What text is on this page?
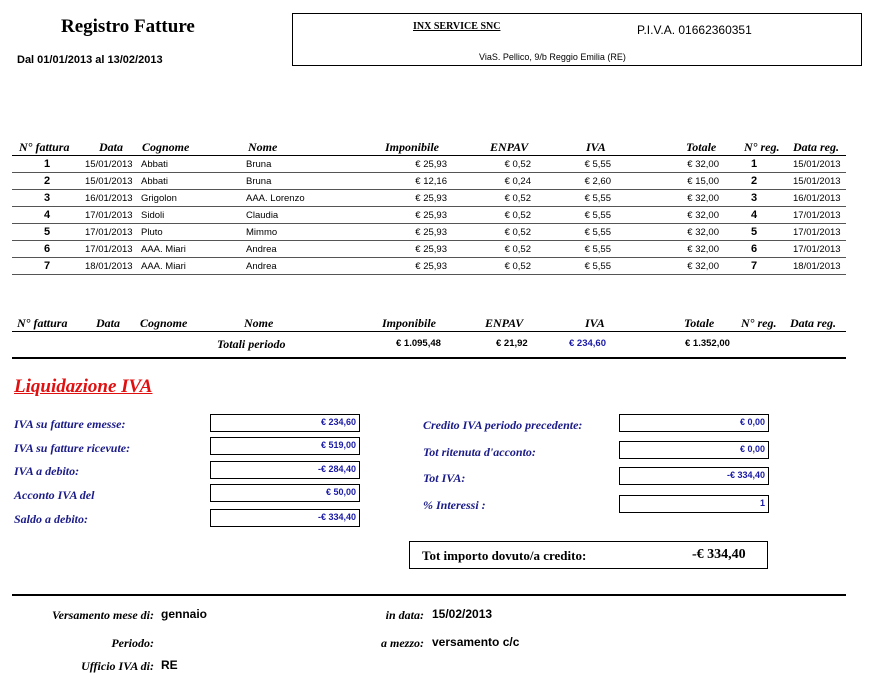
Registro Fatture
Dal 01/01/2013 al 13/02/2013
INX SERVICE SNC	P.I.V.A. 01662360351
ViaS. Pellico, 9/b Reggio Emilia (RE)
N° fattura Data Cognome	Nome	Imponibile	ENPAV	IVA	Totale N° reg. Data reg.
1	15/01/2013 Abbati	Bruna	€ 25,93	€ 0,52	€ 5,55	€ 32,00	1	15/01/2013
2	15/01/2013 Abbati	Bruna	€ 12,16	€ 0,24	€ 2,60	€ 15,00	2	15/01/2013
3	16/01/2013 Grigolon	AAA. Lorenzo	€ 25,93	€ 0,52	€ 5,55	€ 32,00	3	16/01/2013
4	17/01/2013 Sidoli	Claudia	€ 25,93	€ 0,52	€ 5,55	€ 32,00	4	17/01/2013
5	17/01/2013 Pluto	Mimmo	€ 25,93	€ 0,52	€ 5,55	€ 32,00	5	17/01/2013
6	17/01/2013 AAA. Miari	Andrea	€ 25,93	€ 0,52	€ 5,55	€ 32,00	6	17/01/2013
7	18/01/2013 AAA. Miari	Andrea	€ 25,93	€ 0,52	€ 5,55	€ 32,00	7	18/01/2013
N° fattura Data Cognome	Nome	Imponibile	ENPAV	IVA	Totale N° reg. Data reg.
Totali periodo	€ 1.095,48	€ 21,92	€ 234,60	€ 1.352,00
Liquidazione IVA
IVA su fatture emesse:	€ 234,60
IVA su fatture ricevute:	€ 519,00
IVA a debito:	-€ 284,40
Acconto IVA del	€ 50,00
Saldo a debito:	-€ 334,40
Credito IVA periodo precedente:	€ 0,00
Tot ritenuta d'acconto:	€ 0,00
Tot IVA:	-€ 334,40
% Interessi :	1
Tot importo dovuto/a credito:	-€ 334,40
Versamento mese di: gennaio	in data: 15/02/2013
Periodo:	a mezzo: versamento c/c
Ufficio IVA di: RE
